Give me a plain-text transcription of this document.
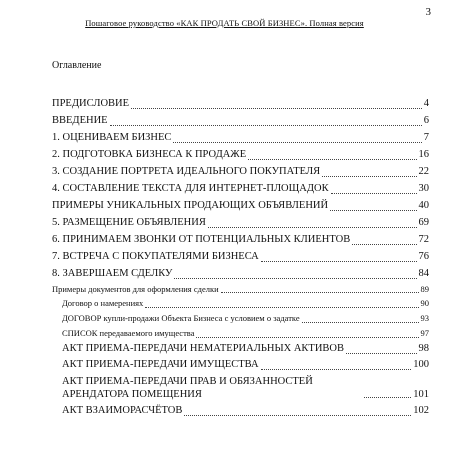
3
Пошаговое руководство «КАК ПРОДАТЬ СВОЙ БИЗНЕС». Полная версия
Оглавление
ПРЕДИСЛОВИЕ	4
ВВЕДЕНИЕ	6
1. ОЦЕНИВАЕМ БИЗНЕС	7
2. ПОДГОТОВКА БИЗНЕСА К ПРОДАЖЕ	16
3. СОЗДАНИЕ ПОРТРЕТА ИДЕАЛЬНОГО ПОКУПАТЕЛЯ	22
4. СОСТАВЛЕНИЕ ТЕКСТА ДЛЯ ИНТЕРНЕТ-ПЛОЩАДОК	30
ПРИМЕРЫ УНИКАЛЬНЫХ ПРОДАЮЩИХ ОБЪЯВЛЕНИЙ	40
5. РАЗМЕЩЕНИЕ ОБЪЯВЛЕНИЯ	69
6. ПРИНИМАЕМ ЗВОНКИ ОТ ПОТЕНЦИАЛЬНЫХ КЛИЕНТОВ	72
7. ВСТРЕЧА С ПОКУПАТЕЛЯМИ БИЗНЕСА	76
8. ЗАВЕРШАЕМ СДЕЛКУ	84
Примеры документов для оформления сделки	89
Договор о намерениях	90
ДОГОВОР купли-продажи Объекта Бизнеса с условием о задатке	93
СПИСОК передаваемого имущества	97
АКТ ПРИЕМА-ПЕРЕДАЧИ НЕМАТЕРИАЛЬНЫХ АКТИВОВ	98
АКТ ПРИЕМА-ПЕРЕДАЧИ ИМУЩЕСТВА	100
АКТ ПРИЕМА-ПЕРЕДАЧИ ПРАВ И ОБЯЗАННОСТЕЙ АРЕНДАТОРА ПОМЕЩЕНИЯ	101
АКТ ВЗАИМОРАСЧЁТОВ	102
